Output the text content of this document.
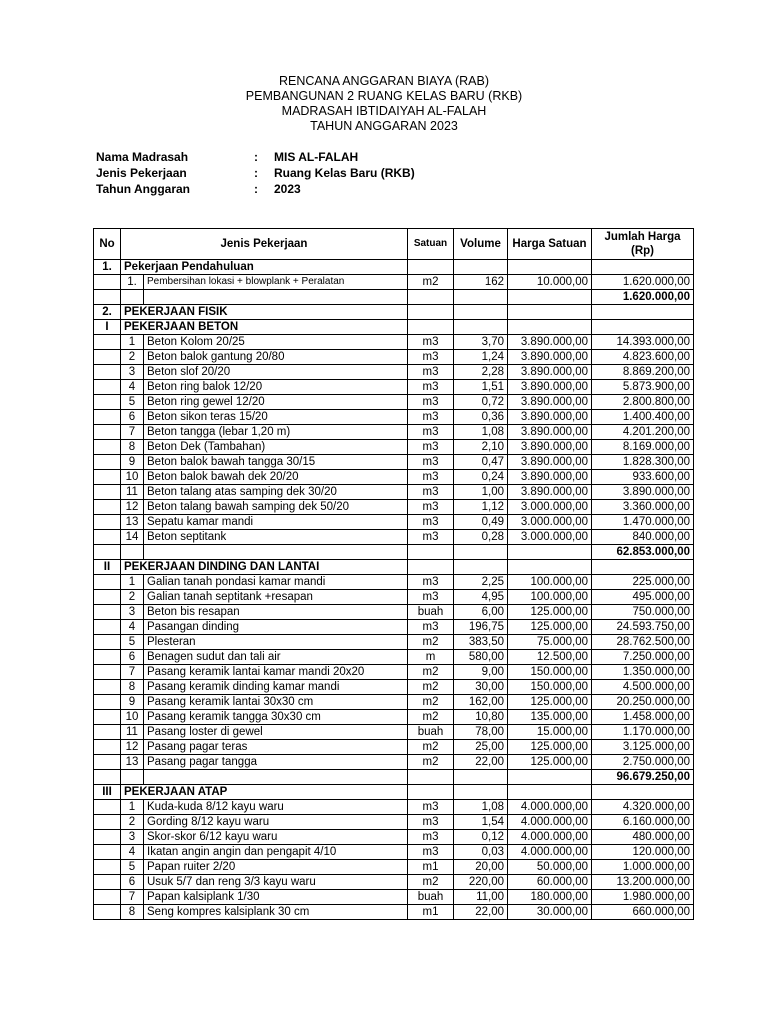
RENCANA ANGGARAN BIAYA (RAB)
PEMBANGUNAN 2 RUANG KELAS BARU (RKB)
MADRASAH IBTIDAIYAH AL-FALAH
TAHUN ANGGARAN 2023
Nama Madrasah	: MIS AL-FALAH
Jenis Pekerjaan	: Ruang Kelas Baru (RKB)
Tahun Anggaran	: 2023
No	Jenis Pekerjaan		Satuan	Volume	Harga Satuan	Jumlah Harga (Rp)
1.	Pekerjaan Pendahuluan					
	1.	Pembersihan lokasi + blowplank + Peralatan	m2	162	10.000,00	1.620.000,00
						1.620.000,00
2.	PEKERJAAN FISIK					
I	PEKERJAAN BETON					
	1	Beton Kolom 20/25	m3	3,70	3.890.000,00	14.393.000,00
	2	Beton balok gantung 20/80	m3	1,24	3.890.000,00	4.823.600,00
	3	Beton slof 20/20	m3	2,28	3.890.000,00	8.869.200,00
	4	Beton ring balok 12/20	m3	1,51	3.890.000,00	5.873.900,00
	5	Beton ring gewel 12/20	m3	0,72	3.890.000,00	2.800.800,00
	6	Beton sikon teras 15/20	m3	0,36	3.890.000,00	1.400.400,00
	7	Beton tangga (lebar 1,20 m)	m3	1,08	3.890.000,00	4.201.200,00
	8	Beton Dek (Tambahan)	m3	2,10	3.890.000,00	8.169.000,00
	9	Beton balok bawah tangga 30/15	m3	0,47	3.890.000,00	1.828.300,00
	10	Beton balok bawah dek 20/20	m3	0,24	3.890.000,00	933.600,00
	11	Beton talang atas samping dek 30/20	m3	1,00	3.890.000,00	3.890.000,00
	12	Beton talang bawah samping dek 50/20	m3	1,12	3.000.000,00	3.360.000,00
	13	Sepatu kamar mandi	m3	0,49	3.000.000,00	1.470.000,00
	14	Beton septitank	m3	0,28	3.000.000,00	840.000,00
						62.853.000,00
II	PEKERJAAN DINDING DAN LANTAI					
	1	Galian tanah pondasi kamar mandi	m3	2,25	100.000,00	225.000,00
	2	Galian tanah septitank +resapan	m3	4,95	100.000,00	495.000,00
	3	Beton bis resapan	buah	6,00	125.000,00	750.000,00
	4	Pasangan dinding	m3	196,75	125.000,00	24.593.750,00
	5	Plesteran	m2	383,50	75.000,00	28.762.500,00
	6	Benagen sudut dan tali air	m	580,00	12.500,00	7.250.000,00
	7	Pasang keramik lantai kamar mandi 20x20	m2	9,00	150.000,00	1.350.000,00
	8	Pasang keramik dinding kamar mandi	m2	30,00	150.000,00	4.500.000,00
	9	Pasang keramik lantai 30x30 cm	m2	162,00	125.000,00	20.250.000,00
	10	Pasang keramik tangga 30x30 cm	m2	10,80	135.000,00	1.458.000,00
	11	Pasang loster di gewel	buah	78,00	15.000,00	1.170.000,00
	12	Pasang pagar teras	m2	25,00	125.000,00	3.125.000,00
	13	Pasang pagar tangga	m2	22,00	125.000,00	2.750.000,00
						96.679.250,00
III	PEKERJAAN ATAP					
	1	Kuda-kuda 8/12 kayu waru	m3	1,08	4.000.000,00	4.320.000,00
	2	Gording 8/12 kayu waru	m3	1,54	4.000.000,00	6.160.000,00
	3	Skor-skor 6/12 kayu waru	m3	0,12	4.000.000,00	480.000,00
	4	Ikatan angin angin dan pengapit 4/10	m3	0,03	4.000.000,00	120.000,00
	5	Papan ruiter 2/20	m1	20,00	50.000,00	1.000.000,00
	6	Usuk 5/7 dan reng 3/3 kayu waru	m2	220,00	60.000,00	13.200.000,00
	7	Papan kalsiplank 1/30	buah	11,00	180.000,00	1.980.000,00
	8	Seng kompres kalsiplank 30 cm	m1	22,00	30.000,00	660.000,00
